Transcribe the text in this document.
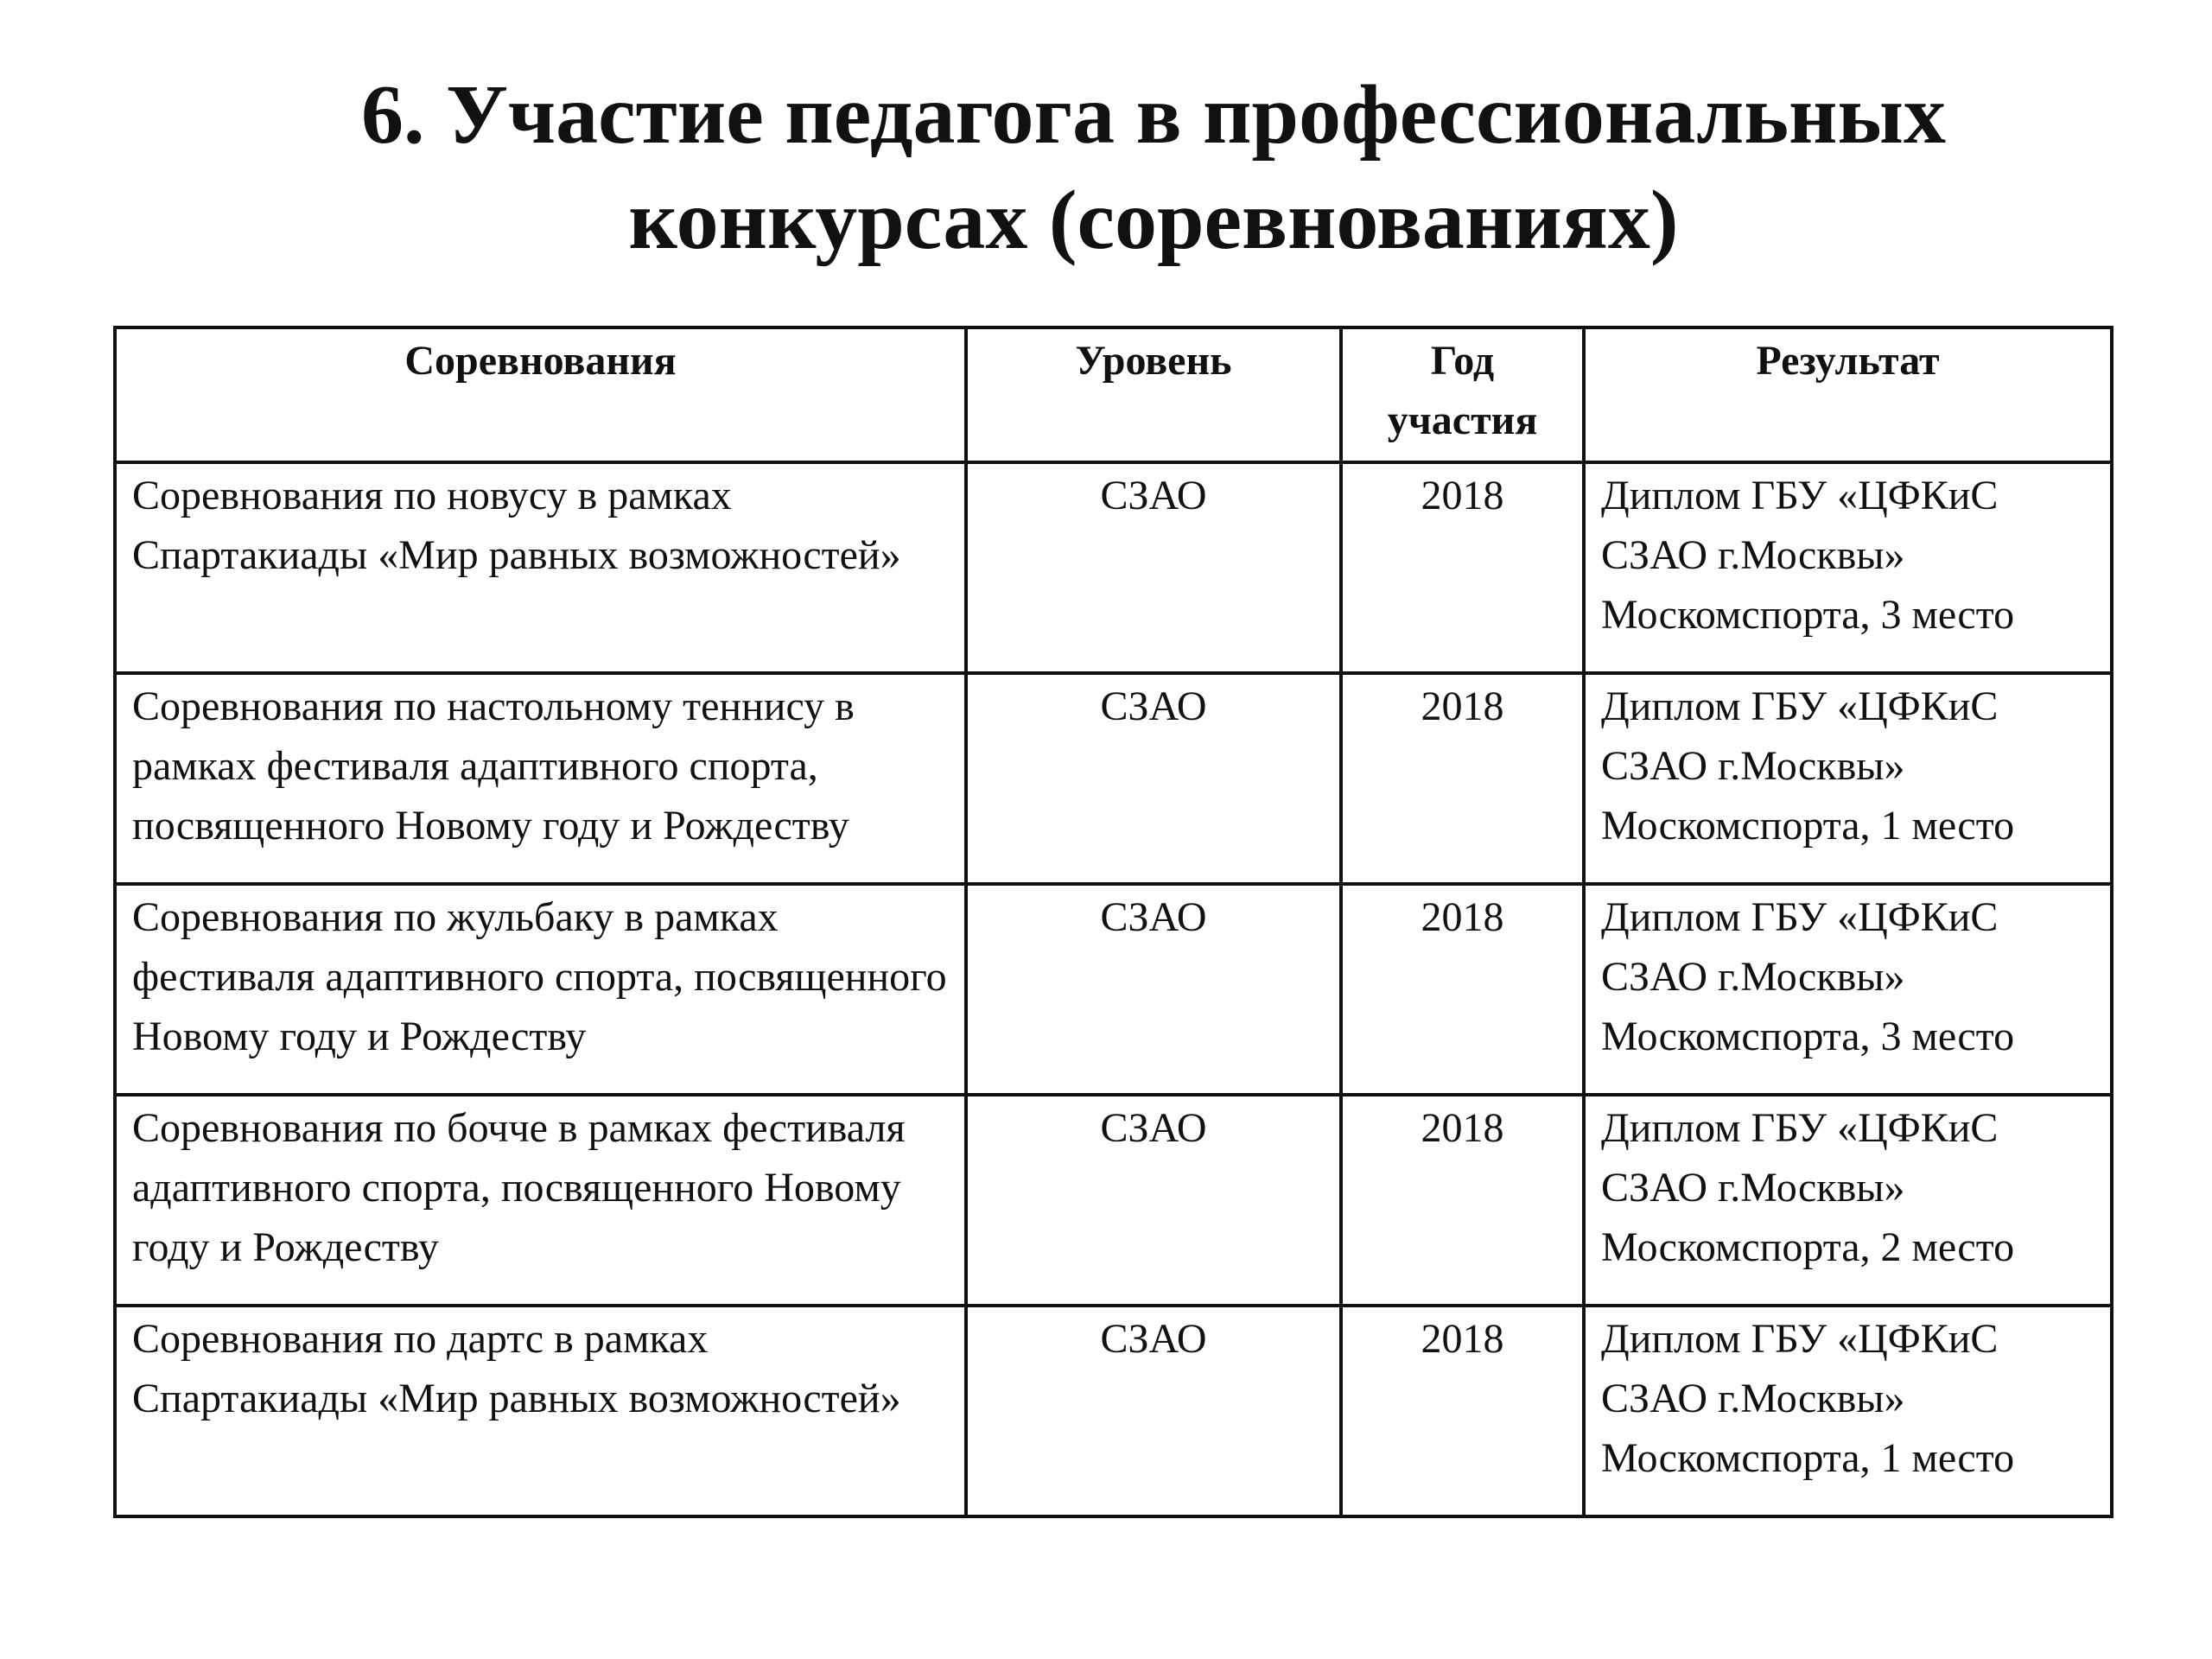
6. Участие педагога в профессиональных
конкурсах (соревнованиях)
Соревнования	Уровень	Год участия	Результат
Соревнования по новусу в рамках Спартакиады «Мир равных возможностей»	СЗАО	2018	Диплом ГБУ «ЦФКиС СЗАО г.Москвы» Москомспорта, 3 место
Соревнования по настольному теннису в рамках фестиваля адаптивного спорта, посвященного Новому году и Рождеству	СЗАО	2018	Диплом ГБУ «ЦФКиС СЗАО г.Москвы» Москомспорта, 1 место
Соревнования по жульбаку в рамках фестиваля адаптивного спорта, посвященного Новому году и Рождеству	СЗАО	2018	Диплом ГБУ «ЦФКиС СЗАО г.Москвы» Москомспорта, 3 место
Соревнования по бочче в рамках фестиваля адаптивного спорта, посвященного Новому году и Рождеству	СЗАО	2018	Диплом ГБУ «ЦФКиС СЗАО г.Москвы» Москомспорта, 2 место
Соревнования по дартс в рамках Спартакиады «Мир равных возможностей»	СЗАО	2018	Диплом ГБУ «ЦФКиС СЗАО г.Москвы» Москомспорта, 1 место
